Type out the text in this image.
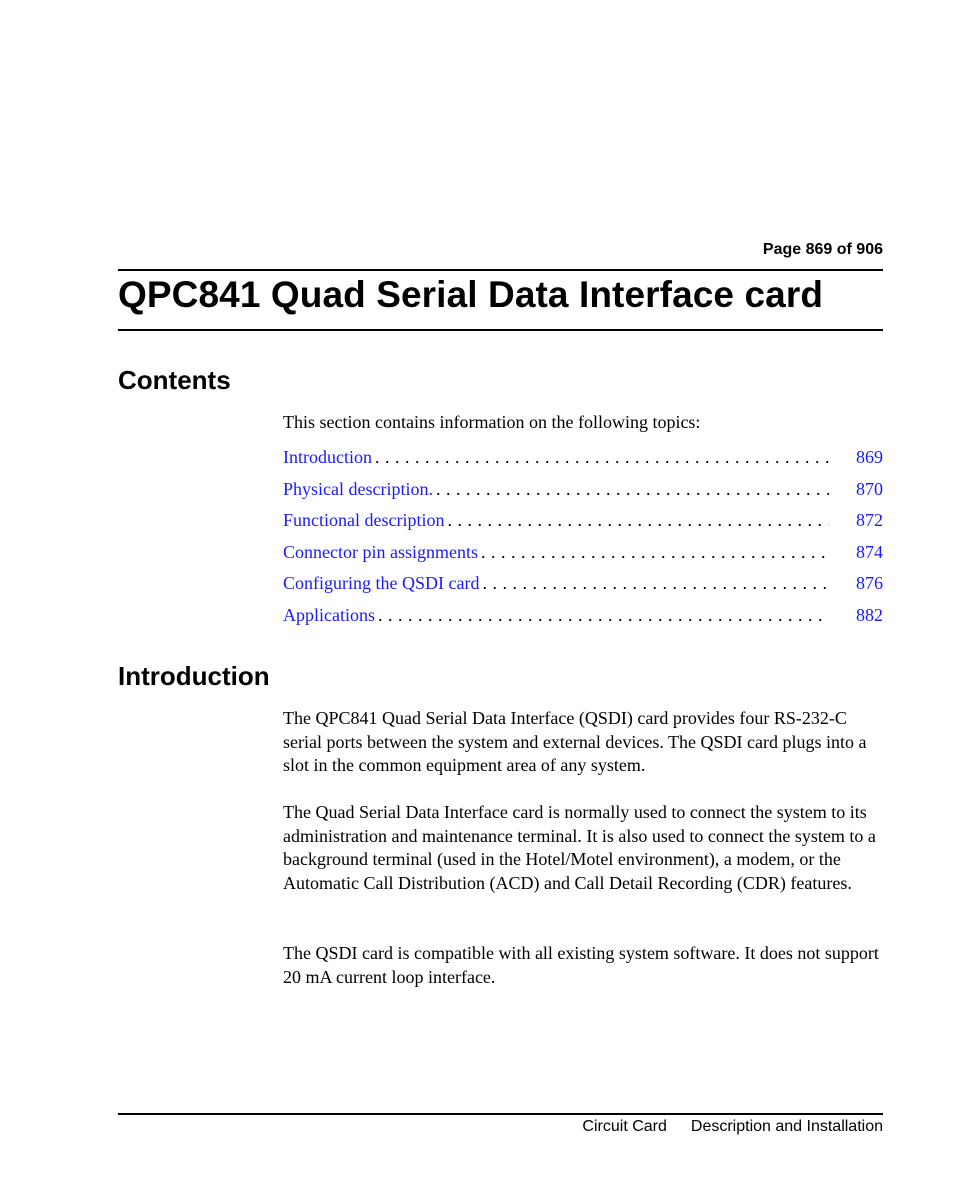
Page 869 of 906
QPC841 Quad Serial Data Interface card
Contents

This section contains information on the following topics:

Introduction . . .	869
Physical description. . . .	870
Functional description . . .	872
Connector pin assignments . . .	874
Configuring the QSDI card . . .	876
Applications . . .	882
Introduction

The QPC841 Quad Serial Data Interface (QSDI) card provides four RS-232-C serial ports between the system and external devices. The QSDI card plugs into a slot in the common equipment area of any system.

The Quad Serial Data Interface card is normally used to connect the system to its administration and maintenance terminal. It is also used to connect the system to a background terminal (used in the Hotel/Motel environment), a modem, or the Automatic Call Distribution (ACD) and Call Detail Recording (CDR) features.

The QSDI card is compatible with all existing system software. It does not support 20 mA current loop interface.

Circuit Card Description and Installation
